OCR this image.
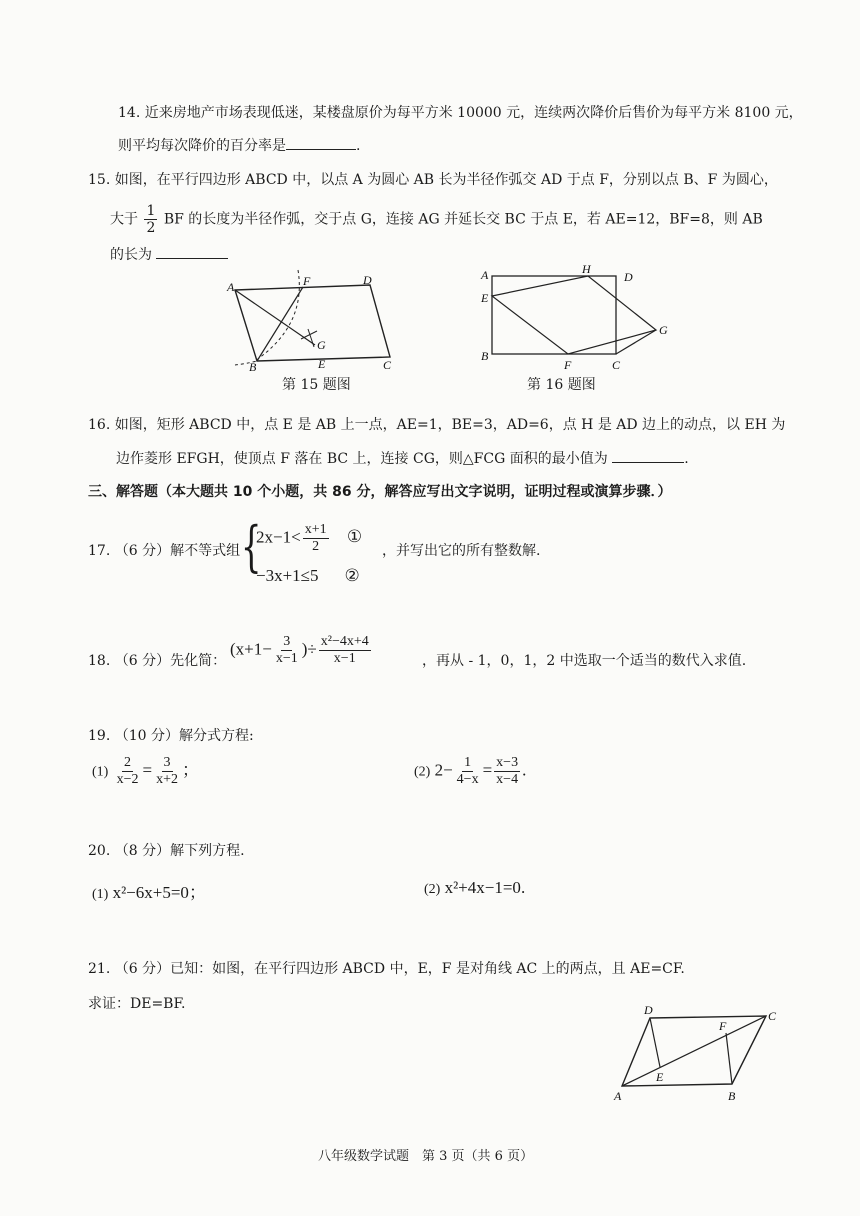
14. 近来房地产市场表现低迷，某楼盘原价为每平方米 10000 元，连续两次降价后售价为每平方米 8100 元，
则平均每次降价的百分率是	.
15. 如图，在平行四边形 ABCD 中，以点 A 为圆心 AB 长为半径作弧交 AD 于点 F，分别以点 B、F 为圆心，
大于 $\frac{1}{2}$ BF 的长度为半径作弧，交于点 G，连接 AG 并延长交 BC 于点 E，若 AE=12，BF=8，则 AB
的长为
A	F	D
G
B	E	C
第 15 题图
A	H
D
E
G
B
F	C
第 16 题图
16. 如图，矩形 ABCD 中，点 E 是 AB 上一点，AE=1，BE=3，AD=6，点 H 是 AD 边上的动点，以 EH 为
边作菱形 EFGH，使顶点 F 落在 BC 上，连接 CG，则△FCG 面积的最小值为	.
三、解答题（本大题共 10 个小题，共 86 分，解答应写出文字说明，证明过程或演算步骤．）
17. （6 分）解不等式组 {
$2x-1< \frac{x+1}{2}$ ①
−3x+1≤5 ②
，并写出它的所有整数解.
18. （6 分）先化简：
($x+1- \frac{3}{x-1}$ )÷ $\frac{\text{x²−4x+4}}{x-1}$	，再从 - 1，0，1，2 中选取一个适当的数代入求值.
19. （10 分）解分式方程:
$(1) \frac{2}{x-2} = \frac{3}{x+2}$ ；	(2) $2- \frac{1}{4-x} = \frac{x-3}{x-4}$ .
20. （8 分）解下列方程.
(1) x²−6x+5=0；	(2) x²+4x−1=0.
21. （6 分）已知：如图，在平行四边形 ABCD 中，E，F 是对角线 AC 上的两点，且 AE=CF.
求证：DE=BF.	D	C
F
E
A	B
八年级数学试题　第 3 页（共 6 页）
